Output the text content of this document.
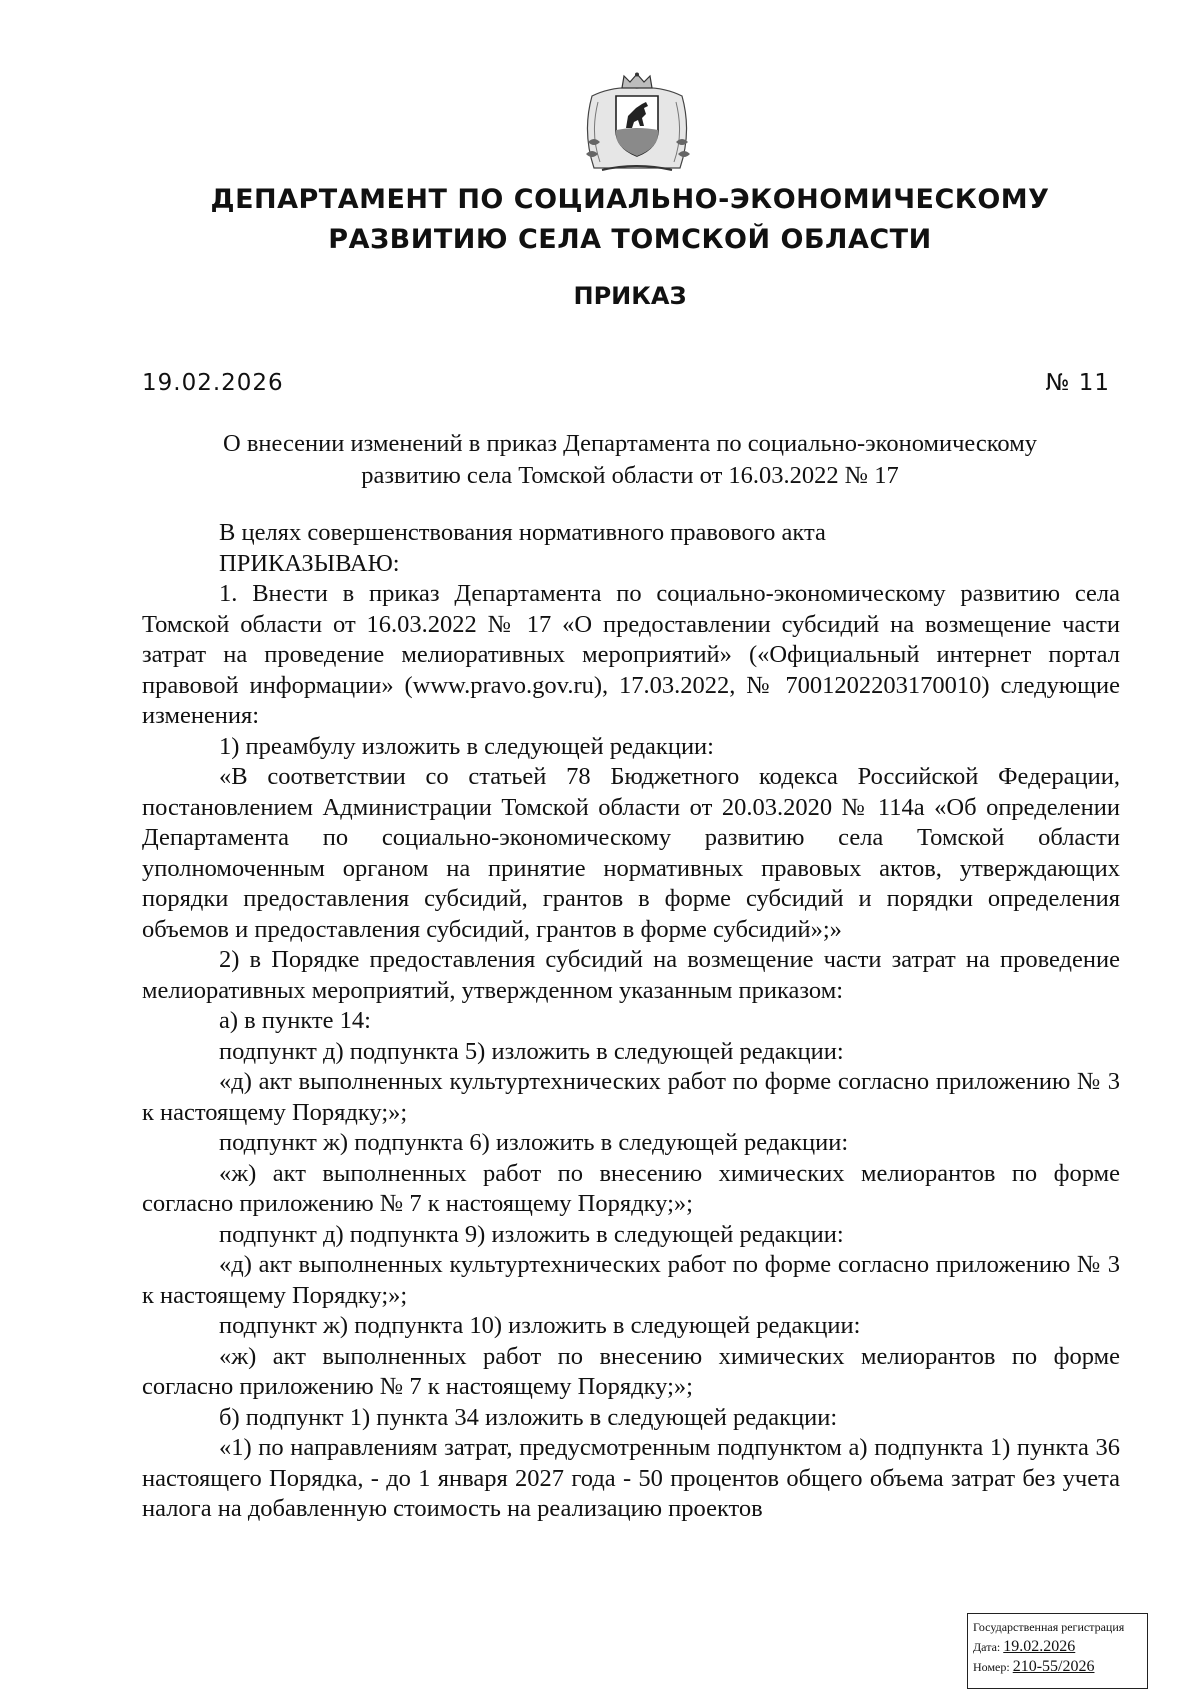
ДЕПАРТАМЕНТ ПО СОЦИАЛЬНО-ЭКОНОМИЧЕСКОМУ
РАЗВИТИЮ СЕЛА ТОМСКОЙ ОБЛАСТИ
ПРИКАЗ
19.02.2026	№ 11
О внесении изменений в приказ Департамента по социально-экономическому
развитию села Томской области от 16.03.2022 № 17

В целях совершенствования нормативного правового акта

ПРИКАЗЫВАЮ:

1. Внести в приказ Департамента по социально-экономическому развитию села Томской области от 16.03.2022 № 17 «О предоставлении субсидий на возмещение части затрат на проведение мелиоративных мероприятий» («Официальный интернет портал правовой информации» (www.pravo.gov.ru), 17.03.2022, № 7001202203170010) следующие изменения:

1) преамбулу изложить в следующей редакции:

«В соответствии со статьей 78 Бюджетного кодекса Российской Федерации, постановлением Администрации Томской области от 20.03.2020 № 114а «Об определении Департамента по социально-экономическому развитию села Томской области уполномоченным органом на принятие нормативных правовых актов, утверждающих порядки предоставления субсидий, грантов в форме субсидий и порядки определения объемов и предоставления субсидий, грантов в форме субсидий»;»

2) в Порядке предоставления субсидий на возмещение части затрат на проведение мелиоративных мероприятий, утвержденном указанным приказом:

а) в пункте 14:

подпункт д) подпункта 5) изложить в следующей редакции:

«д) акт выполненных культуртехнических работ по форме согласно приложению № 3 к настоящему Порядку;»;

подпункт ж) подпункта 6) изложить в следующей редакции:

«ж) акт выполненных работ по внесению химических мелиорантов по форме согласно приложению № 7 к настоящему Порядку;»;

подпункт д) подпункта 9) изложить в следующей редакции:

«д) акт выполненных культуртехнических работ по форме согласно приложению № 3 к настоящему Порядку;»;

подпункт ж) подпункта 10) изложить в следующей редакции:

«ж) акт выполненных работ по внесению химических мелиорантов по форме согласно приложению № 7 к настоящему Порядку;»;

б) подпункт 1) пункта 34 изложить в следующей редакции:

«1) по направлениям затрат, предусмотренным подпунктом а) подпункта 1) пункта 36 настоящего Порядка, - до 1 января 2027 года - 50 процентов общего объема затрат без учета налога на добавленную стоимость на реализацию проектов

Государственная регистрация
Дата: 19.02.2026
Номер: 210-55/2026
